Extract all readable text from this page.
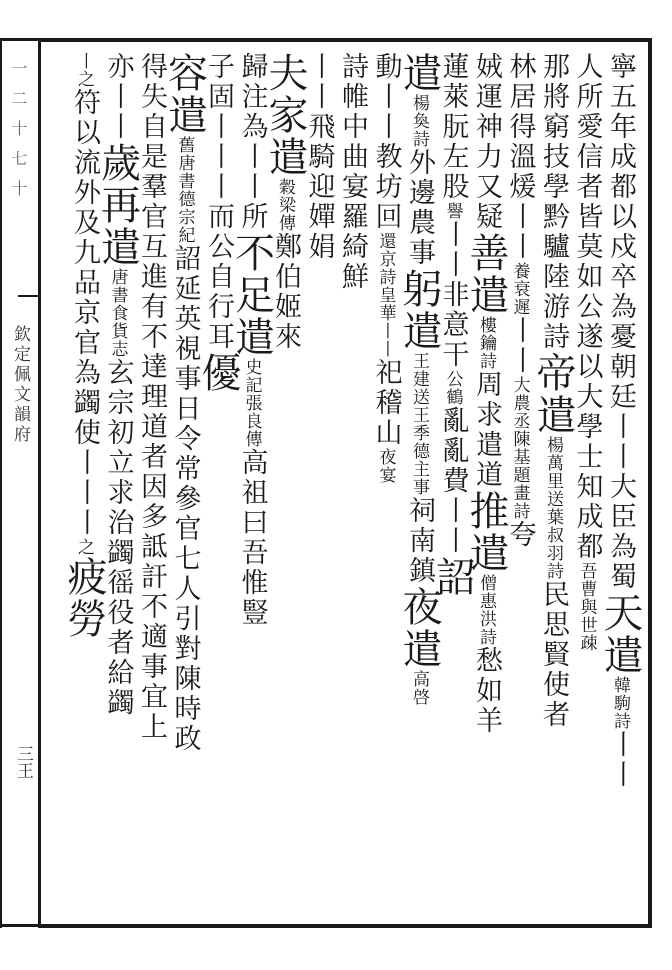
一二十七十
欽定佩文韻府
三王
寧五年成都以戍卒為憂朝廷丨丨大臣為蜀天遣韓駒詩丨丨
人所愛信者皆莫如公遂以大學士知成都吾曹與世疎
那將窮技學黔驢陸游詩帝遣楊萬里送葉叔羽詩民思賢使者
林居得溫煖丨丨養衰遲丨丨大農丞陳基題畫詩夸
娀運神力又疑善遣樓鑰詩周求遣道推遣僧惠洪詩愁如羊
蓮萊朊左股譽丨丨非意干公鶴亂亂費丨丨詔
遣楊奐詩外邊農事躬遣王建送王季德主事祠南鎮夜遣高啓
動丨丨教坊回還京詩皇華丨丨祀稽山夜宴
詩帷中曲宴羅綺鮮
丨丨飛騎迎嬋娟
夫家遣穀梁傳鄭伯姬來
歸注為丨丨所不足遣史記張良傳高祖曰吾惟豎
子固丨丨丨而公自行耳優
容遣舊唐書德宗紀詔延英視事日令常參官七人引對陳時政
得失自是羣官互進有不達理道者因多詆訐不適事宜上
亦丨丨歲再遣唐書食貨志玄宗初立求治蠲徭役者給蠲
丨之符以流外及九品京官為蠲使丨丨丨之疲勞
